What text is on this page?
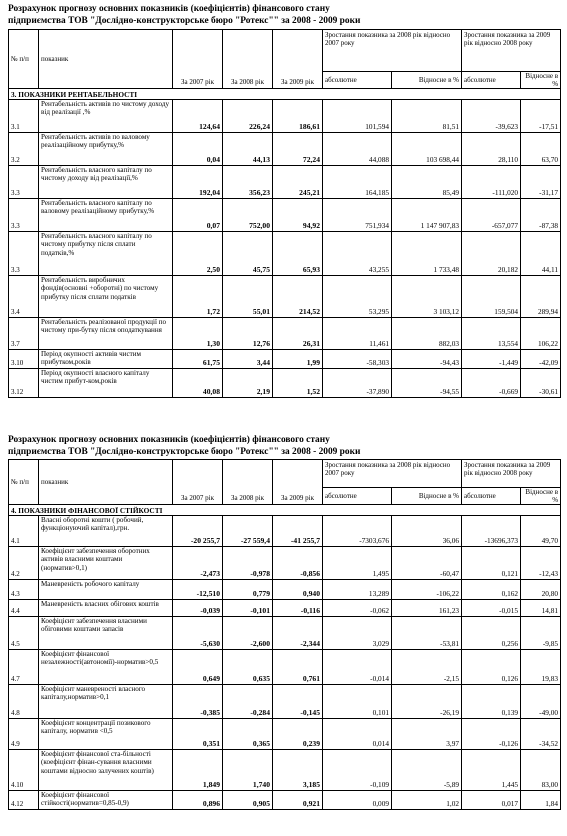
Розрахунок прогнозу основних показників (коефіцієнтів) фінансового стану
підприємства ТОВ "Дослідно-конструкторське бюро "Ротекс"" за 2008 - 2009 роки
№ п/п	показник	За 2007 рік	За 2008 рік	За 2009 рік	Зростання показника за 2008 рік відносно 2007 року		Зростання показника за 2009 рік відносно 2008 року	
					абсолютне	Відносне в %	абсолютне	Відносне в %
3. ПОКАЗНИКИ РЕНТАБЕЛЬНОСТІ								
3.1	Рентабельність активів по чистому доходу від реалізації ,%	124,64	226,24	186,61	101,594	81,51	-39,623	-17,51
3.2	Рентабельність активів по валовому реалізаційному прибутку,%	0,04	44,13	72,24	44,088	103 698,44	28,110	63,70
3.3	Рентабельність власного капіталу по чистому доходу від реалізації,%	192,04	356,23	245,21	164,185	85,49	-111,020	-31,17
3.3	Рентабельність власного капіталу по валовому реалізаційному прибутку,%	0,07	752,00	94,92	751,934	1 147 907,83	-657,077	-87,38
3.3	Рентабельність власного капіталу по чистому прибутку після сплати податків,%	2,50	45,75	65,93	43,255	1 733,48	20,182	44,11
3.4	Рентабельність виробничих фондів(основні +оборотні) по чистому прибутку після сплати податків	1,72	55,01	214,52	53,295	3 103,12	159,504	289,94
3.7	Рентабельність реалізованої продукції по чистому при-бутку після оподаткування	1,30	12,76	26,31	11,461	882,03	13,554	106,22
3.10	Період окупності активів чистим прибутком,років	61,75	3,44	1,99	-58,303	-94,43	-1,449	-42,09
3.12	Період окупності власного капіталу чистим прибут-ком,років	40,08	2,19	1,52	-37,890	-94,55	-0,669	-30,61
Розрахунок прогнозу основних показників (коефіцієнтів) фінансового стану
підприємства ТОВ "Дослідно-конструкторське бюро "Ротекс"" за 2008 - 2009 роки
№ п/п	показник	За 2007 рік	За 2008 рік	За 2009 рік	Зростання показника за 2008 рік відносно 2007 року		Зростання показника за 2009 рік відносно 2008 року	
					абсолютне	Відносне в %	абсолютне	Відносне в %
4. ПОКАЗНИКИ ФІНАНСОВОЇ СТІЙКОСТІ								
4.1	Власні оборотні кошти ( робочий, функціонуючий капітал),грн.	-20 255,7	-27 559,4	-41 255,7	-7303,676	36,06	-13696,373	49,70
4.2	Коефіцієнт забезпечення оборотних активів власними коштами (норматив>0,1)	-2,473	-0,978	-0,856	1,495	-60,47	0,121	-12,43
4.3	Маневреність робочого капіталу	-12,510	0,779	0,940	13,289	-106,22	0,162	20,80
4.4	Маневреність власних обігових коштів	-0,039	-0,101	-0,116	-0,062	161,23	-0,015	14,81
4.5	Коефіцієнт забезпечення власними обіговими коштами запасів	-5,630	-2,600	-2,344	3,029	-53,81	0,256	-9,85
4.7	Коефіцієнт фінансової незалежності(автономії)-норматив>0,5	0,649	0,635	0,761	-0,014	-2,15	0,126	19,83
4.8	Коефіцієнт маневреності власного капіталу,норматив>0,1	-0,385	-0,284	-0,145	0,101	-26,19	0,139	-49,00
4.9	Коефіцієнт концентрації позикового капіталу, норматив <0,5	0,351	0,365	0,239	0,014	3,97	-0,126	-34,52
4.10	Коефіцієнт фінансової ста-більності (коефіцієнт фінан-сування власними коштами відносно залучених коштів)	1,849	1,740	3,185	-0,109	-5,89	1,445	83,00
4.12	Коефіцієнт фінансової стійкості(норматив=0,85-0,9)	0,896	0,905	0,921	0,009	1,02	0,017	1,84
